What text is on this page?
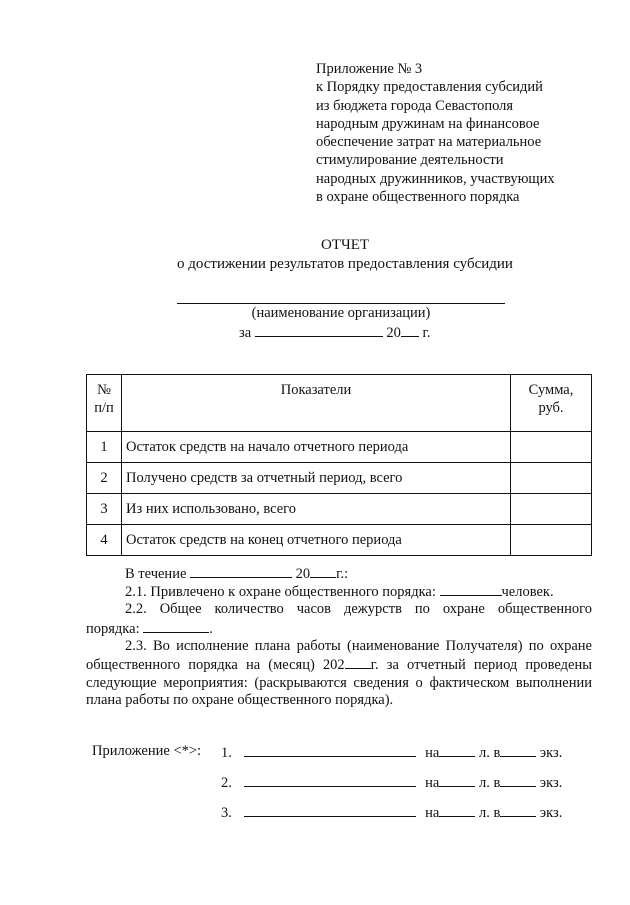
Приложение № 3
к Порядку предоставления субсидий
из бюджета города Севастополя
народным дружинам на финансовое
обеспечение затрат на материальное
стимулирование деятельности
народных дружинников, участвующих
в охране общественного порядка
ОТЧЕТ
о достижении результатов предоставления субсидии
(наименование организации)
за	20 г.
№ п/п	Показатели	Сумма, руб.
1	Остаток средств на начало отчетного периода	
2	Получено средств за отчетный период, всего	
3	Из них использовано, всего	
4	Остаток средств на конец отчетного периода	
В течение	20 г.:
2.1. Привлечено к охране общественного порядка:	человек.
2.2. Общее количество часов дежурств по охране общественного
порядка:	.
2.3. Во исполнение плана работы (наименование Получателя) по охране
общественного порядка на (месяц) 202 г. за отчетный период проведены
следующие мероприятия: (раскрываются сведения о фактическом выполнении
плана работы по охране общественного порядка).
Приложение <*>: 1.	на	л. в	экз.
2.	на	л. в	экз.
3.	на	л. в	экз.
